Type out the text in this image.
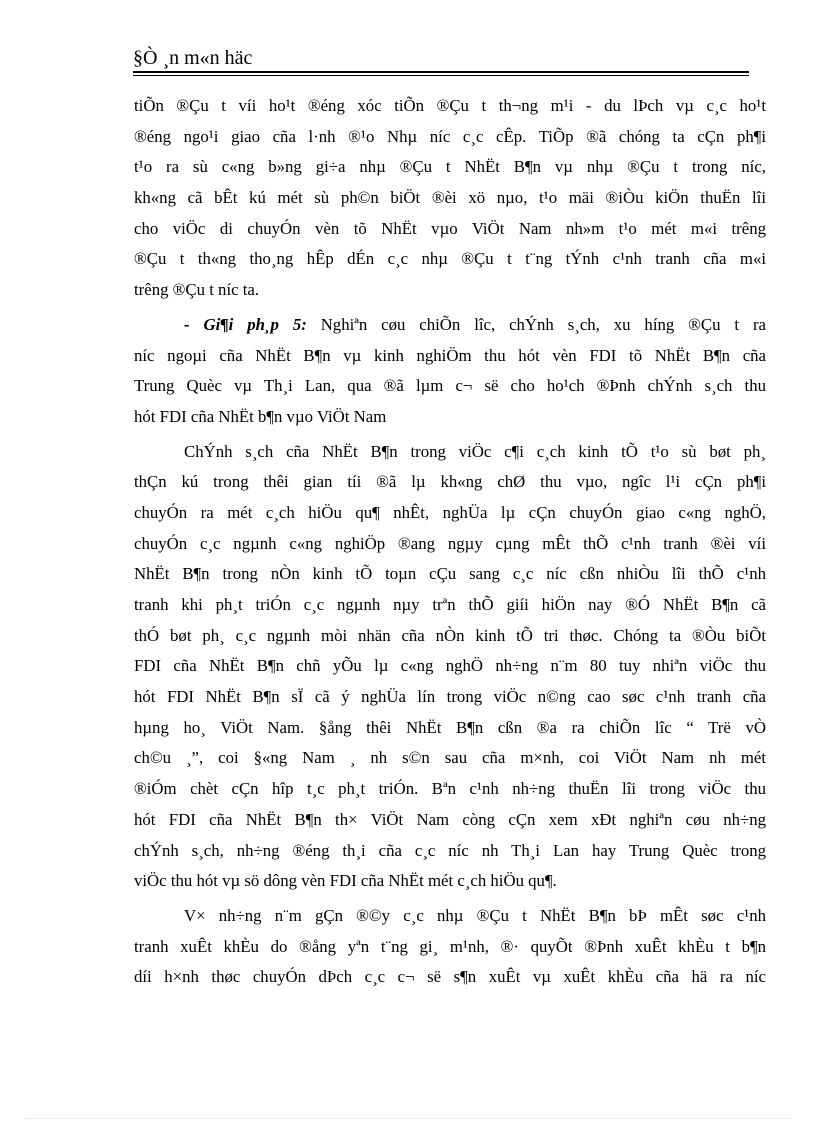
§Ò ¸n m«n häc
tiÕn ®Çu t víi ho¹t ®éng xóc tiÕn ®Çu t th¬ng m¹i - du lÞch vµ c¸c ho¹t
®éng ngo¹i giao cña l·nh ®¹o Nhµ níc c¸c cÊp. TiÕp ®ã chóng ta cÇn ph¶i
t¹o ra sù c«ng b»ng gi÷a nhµ ®Çu t NhËt B¶n vµ nhµ ®Çu t trong níc,
kh«ng cã bÊt kú mét sù ph©n biÖt ®èi xö nµo, t¹o mäi ®iÒu kiÖn thuËn lîi
cho viÖc di chuyÓn vèn tõ NhËt vµo ViÖt Nam nh»m t¹o mét m«i trêng
®Çu t th«ng tho¸ng hÊp dÉn c¸c nhµ ®Çu t t¨ng tÝnh c¹nh tranh cña m«i
trêng ®Çu t níc ta.
- Gi¶i ph¸p 5: Nghiªn cøu chiÕn lîc, chÝnh s¸ch, xu híng ®Çu t ra
níc ngoµi cña NhËt B¶n vµ kinh nghiÖm thu hót vèn FDI tõ NhËt B¶n cña
Trung Quèc vµ Th¸i Lan, qua ®ã lµm c¬ së cho ho¹ch ®Þnh chÝnh s¸ch thu
hót FDI cña NhËt b¶n vµo ViÖt Nam
ChÝnh s¸ch cña NhËt B¶n trong viÖc c¶i c¸ch kinh tÕ t¹o sù bøt ph¸
thÇn kú trong thêi gian tíi ®ã lµ kh«ng chØ thu vµo, ngîc l¹i cÇn ph¶i
chuyÓn ra mét c¸ch hiÖu qu¶ nhÊt, nghÜa lµ cÇn chuyÓn giao c«ng nghÖ,
chuyÓn c¸c ngµnh c«ng nghiÖp ®ang ngµy cµng mÊt thÕ c¹nh tranh ®èi víi
NhËt B¶n trong nÒn kinh tÕ toµn cÇu sang c¸c níc cßn nhiÒu lîi thÕ c¹nh
tranh khi ph¸t triÓn c¸c ngµnh nµy trªn thÕ giíi hiÖn nay ®Ó NhËt B¶n cã
thÓ bøt ph¸ c¸c ngµnh mòi nhän cña nÒn kinh tÕ tri thøc. Chóng ta ®Òu biÕt
FDI cña NhËt B¶n chñ yÕu lµ c«ng nghÖ nh÷ng n¨m 80 tuy nhiªn viÖc thu
hót FDI NhËt B¶n sÏ cã ý nghÜa lín trong viÖc n©ng cao søc c¹nh tranh cña
hµng ho¸ ViÖt Nam. §ång thêi NhËt B¶n cßn ®a ra chiÕn lîc “ Trë vÒ
ch©u ¸”, coi §«ng Nam ¸ nh s©n sau cña m×nh, coi ViÖt Nam nh mét
®iÓm chèt cÇn hîp t¸c ph¸t triÓn. Bªn c¹nh nh÷ng thuËn lîi trong viÖc thu
hót FDI cña NhËt B¶n th× ViÖt Nam còng cÇn xem xÐt nghiªn cøu nh÷ng
chÝnh s¸ch, nh÷ng ®éng th¸i cña c¸c níc nh Th¸i Lan hay Trung Quèc trong
viÖc thu hót vµ sö dông vèn FDI cña NhËt mét c¸ch hiÖu qu¶.
V× nh÷ng n¨m gÇn ®©y c¸c nhµ ®Çu t NhËt B¶n bÞ mÊt søc c¹nh
tranh xuÊt khÈu do ®ång yªn t¨ng gi¸ m¹nh, ®· quyÕt ®Þnh xuÊt khÈu t b¶n
díi h×nh thøc chuyÓn dÞch c¸c c¬ së s¶n xuÊt vµ xuÊt khÈu cña hä ra níc
